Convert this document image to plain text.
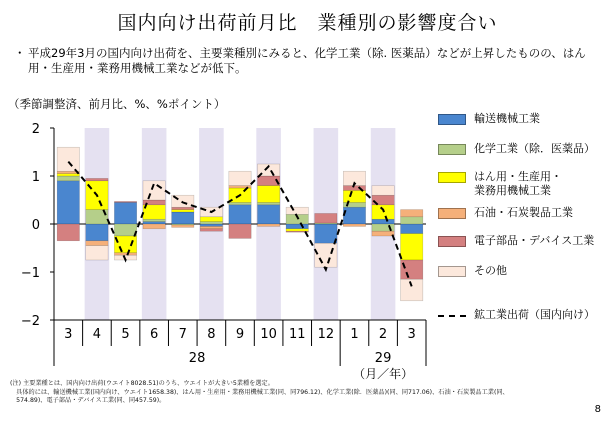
国内向け出荷前月比　業種別の影響度合い
・ 平成29年3月の国内向け出荷を、主要業種別にみると、化学工業（除. 医薬品）などが上昇したものの、はん用・生産用・業務用機械工業などが低下。
（季節調整済、前月比、%、%ポイント）
2
1
0
−1
−2
3 4 5 6 7 8 9 10 11 12 1 2 3
28	29
（月／年）
輸送機械工業
化学工業（除．医薬品）
はん用・生産用・
業務用機械工業
石油・石炭製品工業
電子部品・デバイス工業
その他
鉱工業出荷（国内向け）
(注) 主要業種とは、国内向け出荷(ウエイト8028.51)のうち、ウエイトが大きい5業種を選定。
　具体的には、輸送機械工業(国内向け、ウエイト1658.38)、はん用・生産用・業務用機械工業(同、同796.12)、化学工業(除．医薬品)(同、同717.06)、石油・石炭製品工業(同、
　574.89)、電子部品・デバイス工業(同、同457.59)。
8
